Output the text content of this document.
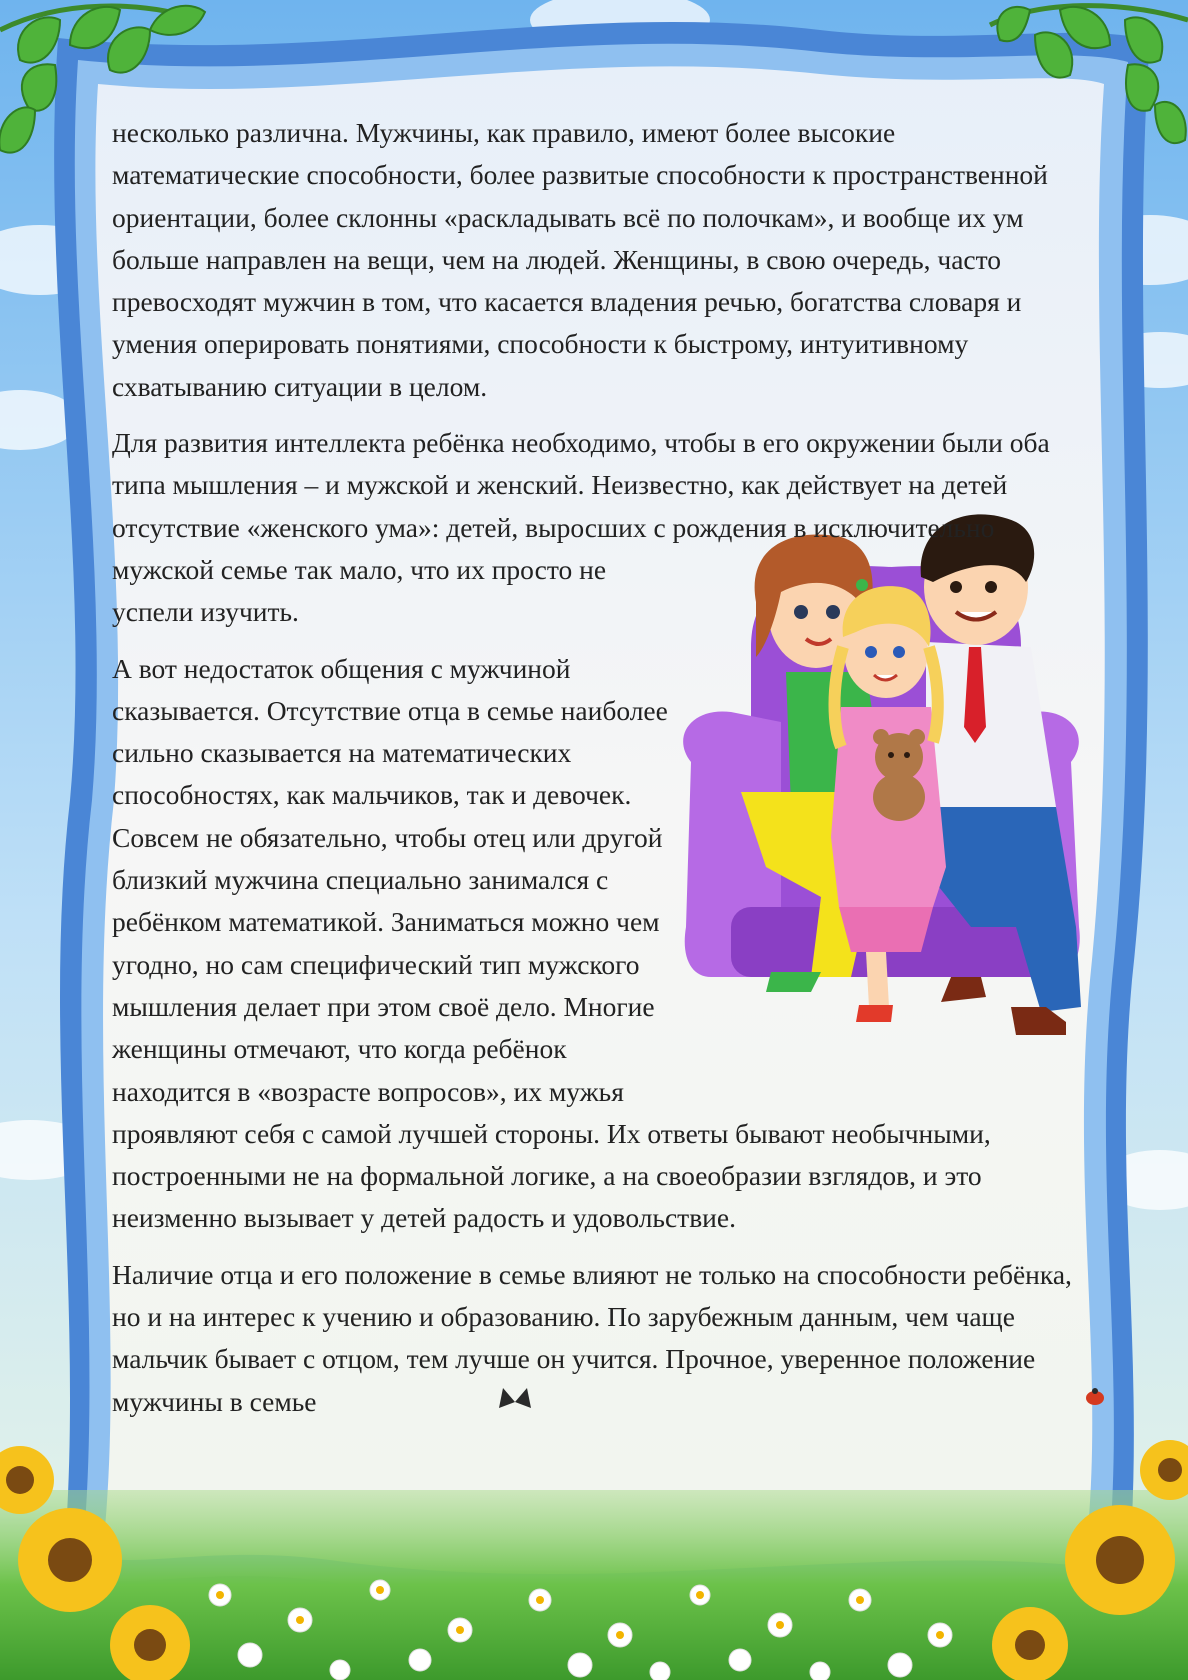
несколько различна. Мужчины, как правило, имеют более высокие математические способности, более развитые способности к пространственной ориентации, более склонны «раскладывать всё по полочкам», и вообще их ум больше направлен на вещи, чем на людей. Женщины, в свою очередь, часто превосходят мужчин в том, что касается владения речью, богатства словаря и умения оперировать понятиями, способности к быстрому, интуитивному схватыванию ситуации в целом.

Для развития интеллекта ребёнка необходимо, чтобы в его окружении были оба типа мышления – и мужской и женский. Неизвестно, как действует на детей отсутствие «женского ума»:
детей, выросших с рождения в исключительно мужской семье так мало, что их просто не успели изучить.

А вот недостаток общения с мужчиной сказывается. Отсутствие отца в семье наиболее сильно сказывается на математических способностях, как мальчиков, так и девочек. Совсем не обязательно, чтобы отец или другой близкий мужчина специально занимался с ребёнком математикой. Заниматься можно чем угодно, но сам специфический тип мужского мышления делает при этом своё дело. Многие женщины отмечают, что когда ребёнок находится в «возрасте вопросов», их мужья проявляют себя с самой лучшей стороны. Их ответы бывают необычными, построенными не на формальной логике, а на своеобразии взглядов, и это неизменно вызывает у детей радость и удовольствие.

Наличие отца и его положение в семье влияют не только на способности ребёнка, но и на интерес к учению и образованию. По зарубежным данным, чем чаще мальчик бывает с отцом, тем лучше он учится. Прочное, уверенное положение мужчины в семье
